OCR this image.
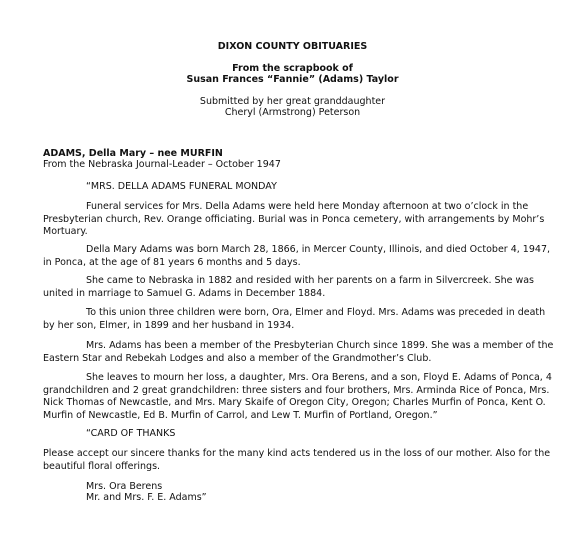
DIXON COUNTY OBITUARIES
From the scrapbook of
Susan Frances “Fannie” (Adams) Taylor
Submitted by her great granddaughter
Cheryl (Armstrong) Peterson
ADAMS, Della Mary – nee MURFIN
From the Nebraska Journal-Leader – October 1947
“MRS. DELLA ADAMS FUNERAL MONDAY
Funeral services for Mrs. Della Adams were held here Monday afternoon at two o’clock in the
Presbyterian church, Rev. Orange officiating. Burial was in Ponca cemetery, with arrangements by Mohr’s
Mortuary.
Della Mary Adams was born March 28, 1866, in Mercer County, Illinois, and died October 4, 1947,
in Ponca, at the age of 81 years 6 months and 5 days.
She came to Nebraska in 1882 and resided with her parents on a farm in Silvercreek. She was
united in marriage to Samuel G. Adams in December 1884.
To this union three children were born, Ora, Elmer and Floyd. Mrs. Adams was preceded in death
by her son, Elmer, in 1899 and her husband in 1934.
Mrs. Adams has been a member of the Presbyterian Church since 1899. She was a member of the
Eastern Star and Rebekah Lodges and also a member of the Grandmother’s Club.
She leaves to mourn her loss, a daughter, Mrs. Ora Berens, and a son, Floyd E. Adams of Ponca, 4
grandchildren and 2 great grandchildren: three sisters and four brothers, Mrs. Arminda Rice of Ponca, Mrs.
Nick Thomas of Newcastle, and Mrs. Mary Skaife of Oregon City, Oregon; Charles Murfin of Ponca, Kent O.
Murfin of Newcastle, Ed B. Murfin of Carrol, and Lew T. Murfin of Portland, Oregon.”
“CARD OF THANKS
Please accept our sincere thanks for the many kind acts tendered us in the loss of our mother. Also for the
beautiful floral offerings.
Mrs. Ora Berens
Mr. and Mrs. F. E. Adams”
